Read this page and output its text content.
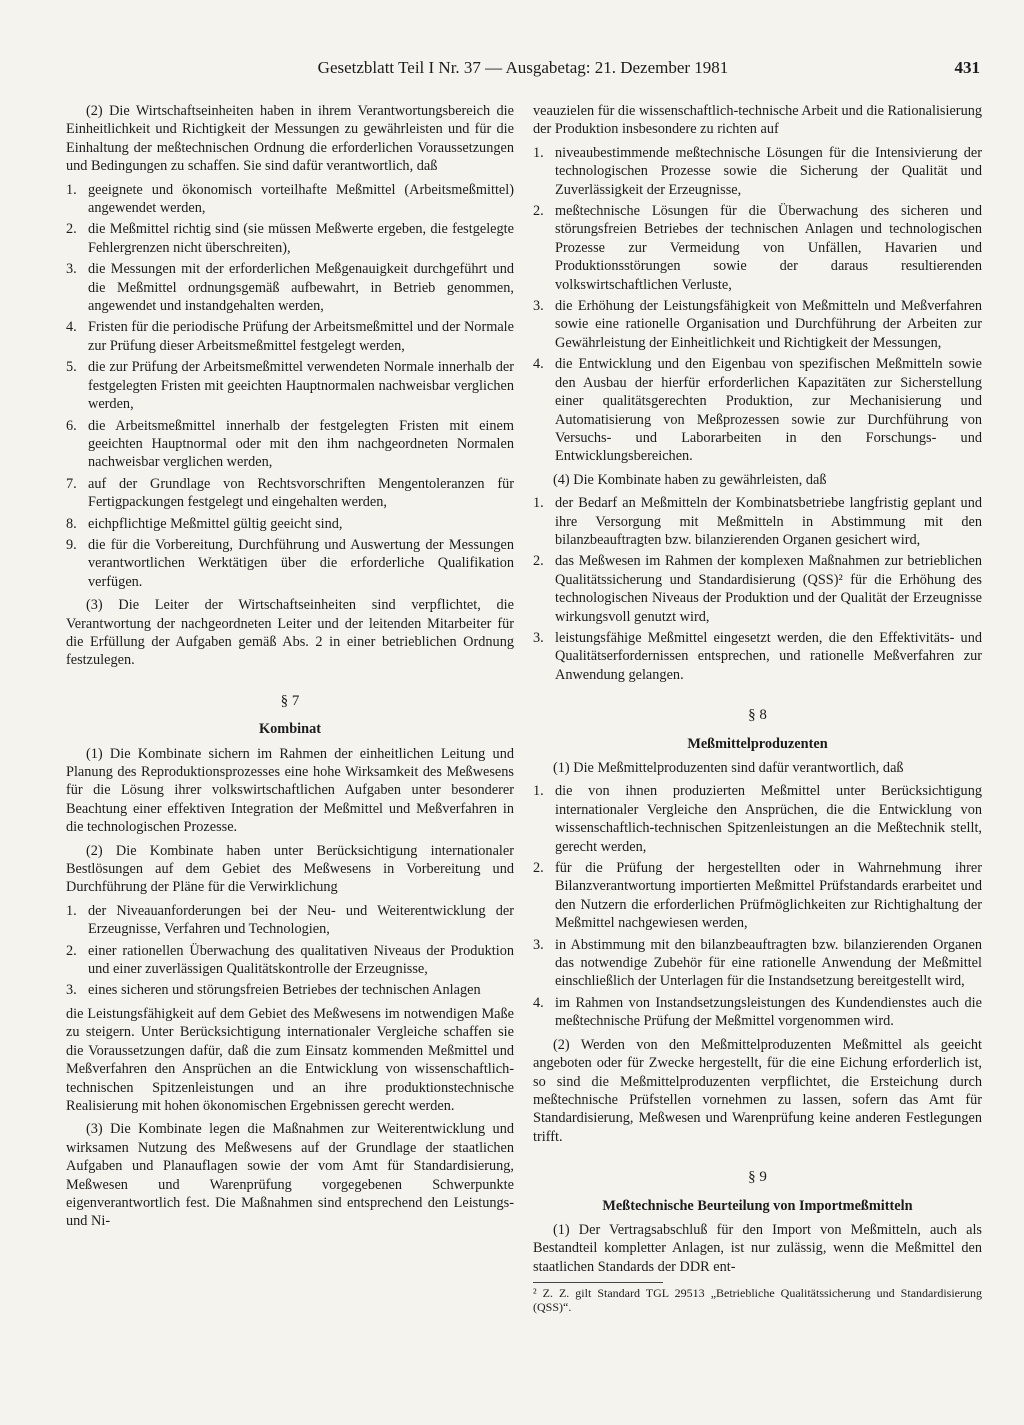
Gesetzblatt Teil I Nr. 37 — Ausgabetag: 21. Dezember 1981	431

(2) Die Wirtschaftseinheiten haben in ihrem Verantwortungsbereich die Einheitlichkeit und Richtigkeit der Messungen zu gewährleisten und für die Einhaltung der meßtechnischen Ordnung die erforderlichen Voraussetzungen und Bedingungen zu schaffen. Sie sind dafür verantwortlich, daß

1. geeignete und ökonomisch vorteilhafte Meßmittel (Arbeitsmeßmittel) angewendet werden,
2. die Meßmittel richtig sind (sie müssen Meßwerte ergeben, die festgelegte Fehlergrenzen nicht überschreiten),
3. die Messungen mit der erforderlichen Meßgenauigkeit durchgeführt und die Meßmittel ordnungsgemäß aufbewahrt, in Betrieb genommen, angewendet und instandgehalten werden,
4. Fristen für die periodische Prüfung der Arbeitsmeßmittel und der Normale zur Prüfung dieser Arbeitsmeßmittel festgelegt werden,
5. die zur Prüfung der Arbeitsmeßmittel verwendeten Normale innerhalb der festgelegten Fristen mit geeichten Hauptnormalen nachweisbar verglichen werden,
6. die Arbeitsmeßmittel innerhalb der festgelegten Fristen mit einem geeichten Hauptnormal oder mit den ihm nachgeordneten Normalen nachweisbar verglichen werden,
7. auf der Grundlage von Rechtsvorschriften Mengentoleranzen für Fertigpackungen festgelegt und eingehalten werden,
8. eichpflichtige Meßmittel gültig geeicht sind,
9. die für die Vorbereitung, Durchführung und Auswertung der Messungen verantwortlichen Werktätigen über die erforderliche Qualifikation verfügen.

(3) Die Leiter der Wirtschaftseinheiten sind verpflichtet, die Verantwortung der nachgeordneten Leiter und der leitenden Mitarbeiter für die Erfüllung der Aufgaben gemäß Abs. 2 in einer betrieblichen Ordnung festzulegen.

§ 7
Kombinat

(1) Die Kombinate sichern im Rahmen der einheitlichen Leitung und Planung des Reproduktionsprozesses eine hohe Wirksamkeit des Meßwesens für die Lösung ihrer volkswirtschaftlichen Aufgaben unter besonderer Beachtung einer effektiven Integration der Meßmittel und Meßverfahren in die technologischen Prozesse.

(2) Die Kombinate haben unter Berücksichtigung internationaler Bestlösungen auf dem Gebiet des Meßwesens in Vorbereitung und Durchführung der Pläne für die Verwirklichung

1. der Niveauanforderungen bei der Neu- und Weiterentwicklung der Erzeugnisse, Verfahren und Technologien,
2. einer rationellen Überwachung des qualitativen Niveaus der Produktion und einer zuverlässigen Qualitätskontrolle der Erzeugnisse,
3. eines sicheren und störungsfreien Betriebes der technischen Anlagen

die Leistungsfähigkeit auf dem Gebiet des Meßwesens im notwendigen Maße zu steigern. Unter Berücksichtigung internationaler Vergleiche schaffen sie die Voraussetzungen dafür, daß die zum Einsatz kommenden Meßmittel und Meßverfahren den Ansprüchen an die Entwicklung von wissenschaftlich-technischen Spitzenleistungen und an ihre produktionstechnische Realisierung mit hohen ökonomischen Ergebnissen gerecht werden.

(3) Die Kombinate legen die Maßnahmen zur Weiterentwicklung und wirksamen Nutzung des Meßwesens auf der Grundlage der staatlichen Aufgaben und Planauflagen sowie der vom Amt für Standardisierung, Meßwesen und Warenprüfung vorgegebenen Schwerpunkte eigenverantwortlich fest. Die Maßnahmen sind entsprechend den Leistungs- und Ni-

veauzielen für die wissenschaftlich-technische Arbeit und die Rationalisierung der Produktion insbesondere zu richten auf

1. niveaubestimmende meßtechnische Lösungen für die Intensivierung der technologischen Prozesse sowie die Sicherung der Qualität und Zuverlässigkeit der Erzeugnisse,
2. meßtechnische Lösungen für die Überwachung des sicheren und störungsfreien Betriebes der technischen Anlagen und technologischen Prozesse zur Vermeidung von Unfällen, Havarien und Produktionsstörungen sowie der daraus resultierenden volkswirtschaftlichen Verluste,
3. die Erhöhung der Leistungsfähigkeit von Meßmitteln und Meßverfahren sowie eine rationelle Organisation und Durchführung der Arbeiten zur Gewährleistung der Einheitlichkeit und Richtigkeit der Messungen,
4. die Entwicklung und den Eigenbau von spezifischen Meßmitteln sowie den Ausbau der hierfür erforderlichen Kapazitäten zur Sicherstellung einer qualitätsgerechten Produktion, zur Mechanisierung und Automatisierung von Meßprozessen sowie zur Durchführung von Versuchs- und Laborarbeiten in den Forschungs- und Entwicklungsbereichen.

(4) Die Kombinate haben zu gewährleisten, daß

1. der Bedarf an Meßmitteln der Kombinatsbetriebe langfristig geplant und ihre Versorgung mit Meßmitteln in Abstimmung mit den bilanzbeauftragten bzw. bilanzierenden Organen gesichert wird,
2. das Meßwesen im Rahmen der komplexen Maßnahmen zur betrieblichen Qualitätssicherung und Standardisierung (QSS)² für die Erhöhung des technologischen Niveaus der Produktion und der Qualität der Erzeugnisse wirkungsvoll genutzt wird,
3. leistungsfähige Meßmittel eingesetzt werden, die den Effektivitäts- und Qualitätserfordernissen entsprechen, und rationelle Meßverfahren zur Anwendung gelangen.
§ 8
Meßmittelproduzenten

(1) Die Meßmittelproduzenten sind dafür verantwortlich, daß

1. die von ihnen produzierten Meßmittel unter Berücksichtigung internationaler Vergleiche den Ansprüchen, die die Entwicklung von wissenschaftlich-technischen Spitzenleistungen an die Meßtechnik stellt, gerecht werden,
2. für die Prüfung der hergestellten oder in Wahrnehmung ihrer Bilanzverantwortung importierten Meßmittel Prüfstandards erarbeitet und den Nutzern die erforderlichen Prüfmöglichkeiten zur Richtighaltung der Meßmittel nachgewiesen werden,
3. in Abstimmung mit den bilanzbeauftragten bzw. bilanzierenden Organen das notwendige Zubehör für eine rationelle Anwendung der Meßmittel einschließlich der Unterlagen für die Instandsetzung bereitgestellt wird,
4. im Rahmen von Instandsetzungsleistungen des Kundendienstes auch die meßtechnische Prüfung der Meßmittel vorgenommen wird.

(2) Werden von den Meßmittelproduzenten Meßmittel als geeicht angeboten oder für Zwecke hergestellt, für die eine Eichung erforderlich ist, so sind die Meßmittelproduzenten verpflichtet, die Ersteichung durch meßtechnische Prüfstellen vornehmen zu lassen, sofern das Amt für Standardisierung, Meßwesen und Warenprüfung keine anderen Festlegungen trifft.

§ 9
Meßtechnische Beurteilung von Importmeßmitteln

(1) Der Vertragsabschluß für den Import von Meßmitteln, auch als Bestandteil kompletter Anlagen, ist nur zulässig, wenn die Meßmittel den staatlichen Standards der DDR ent-

² Z. Z. gilt Standard TGL 29513 „Betriebliche Qualitätssicherung und Standardisierung (QSS)“.
